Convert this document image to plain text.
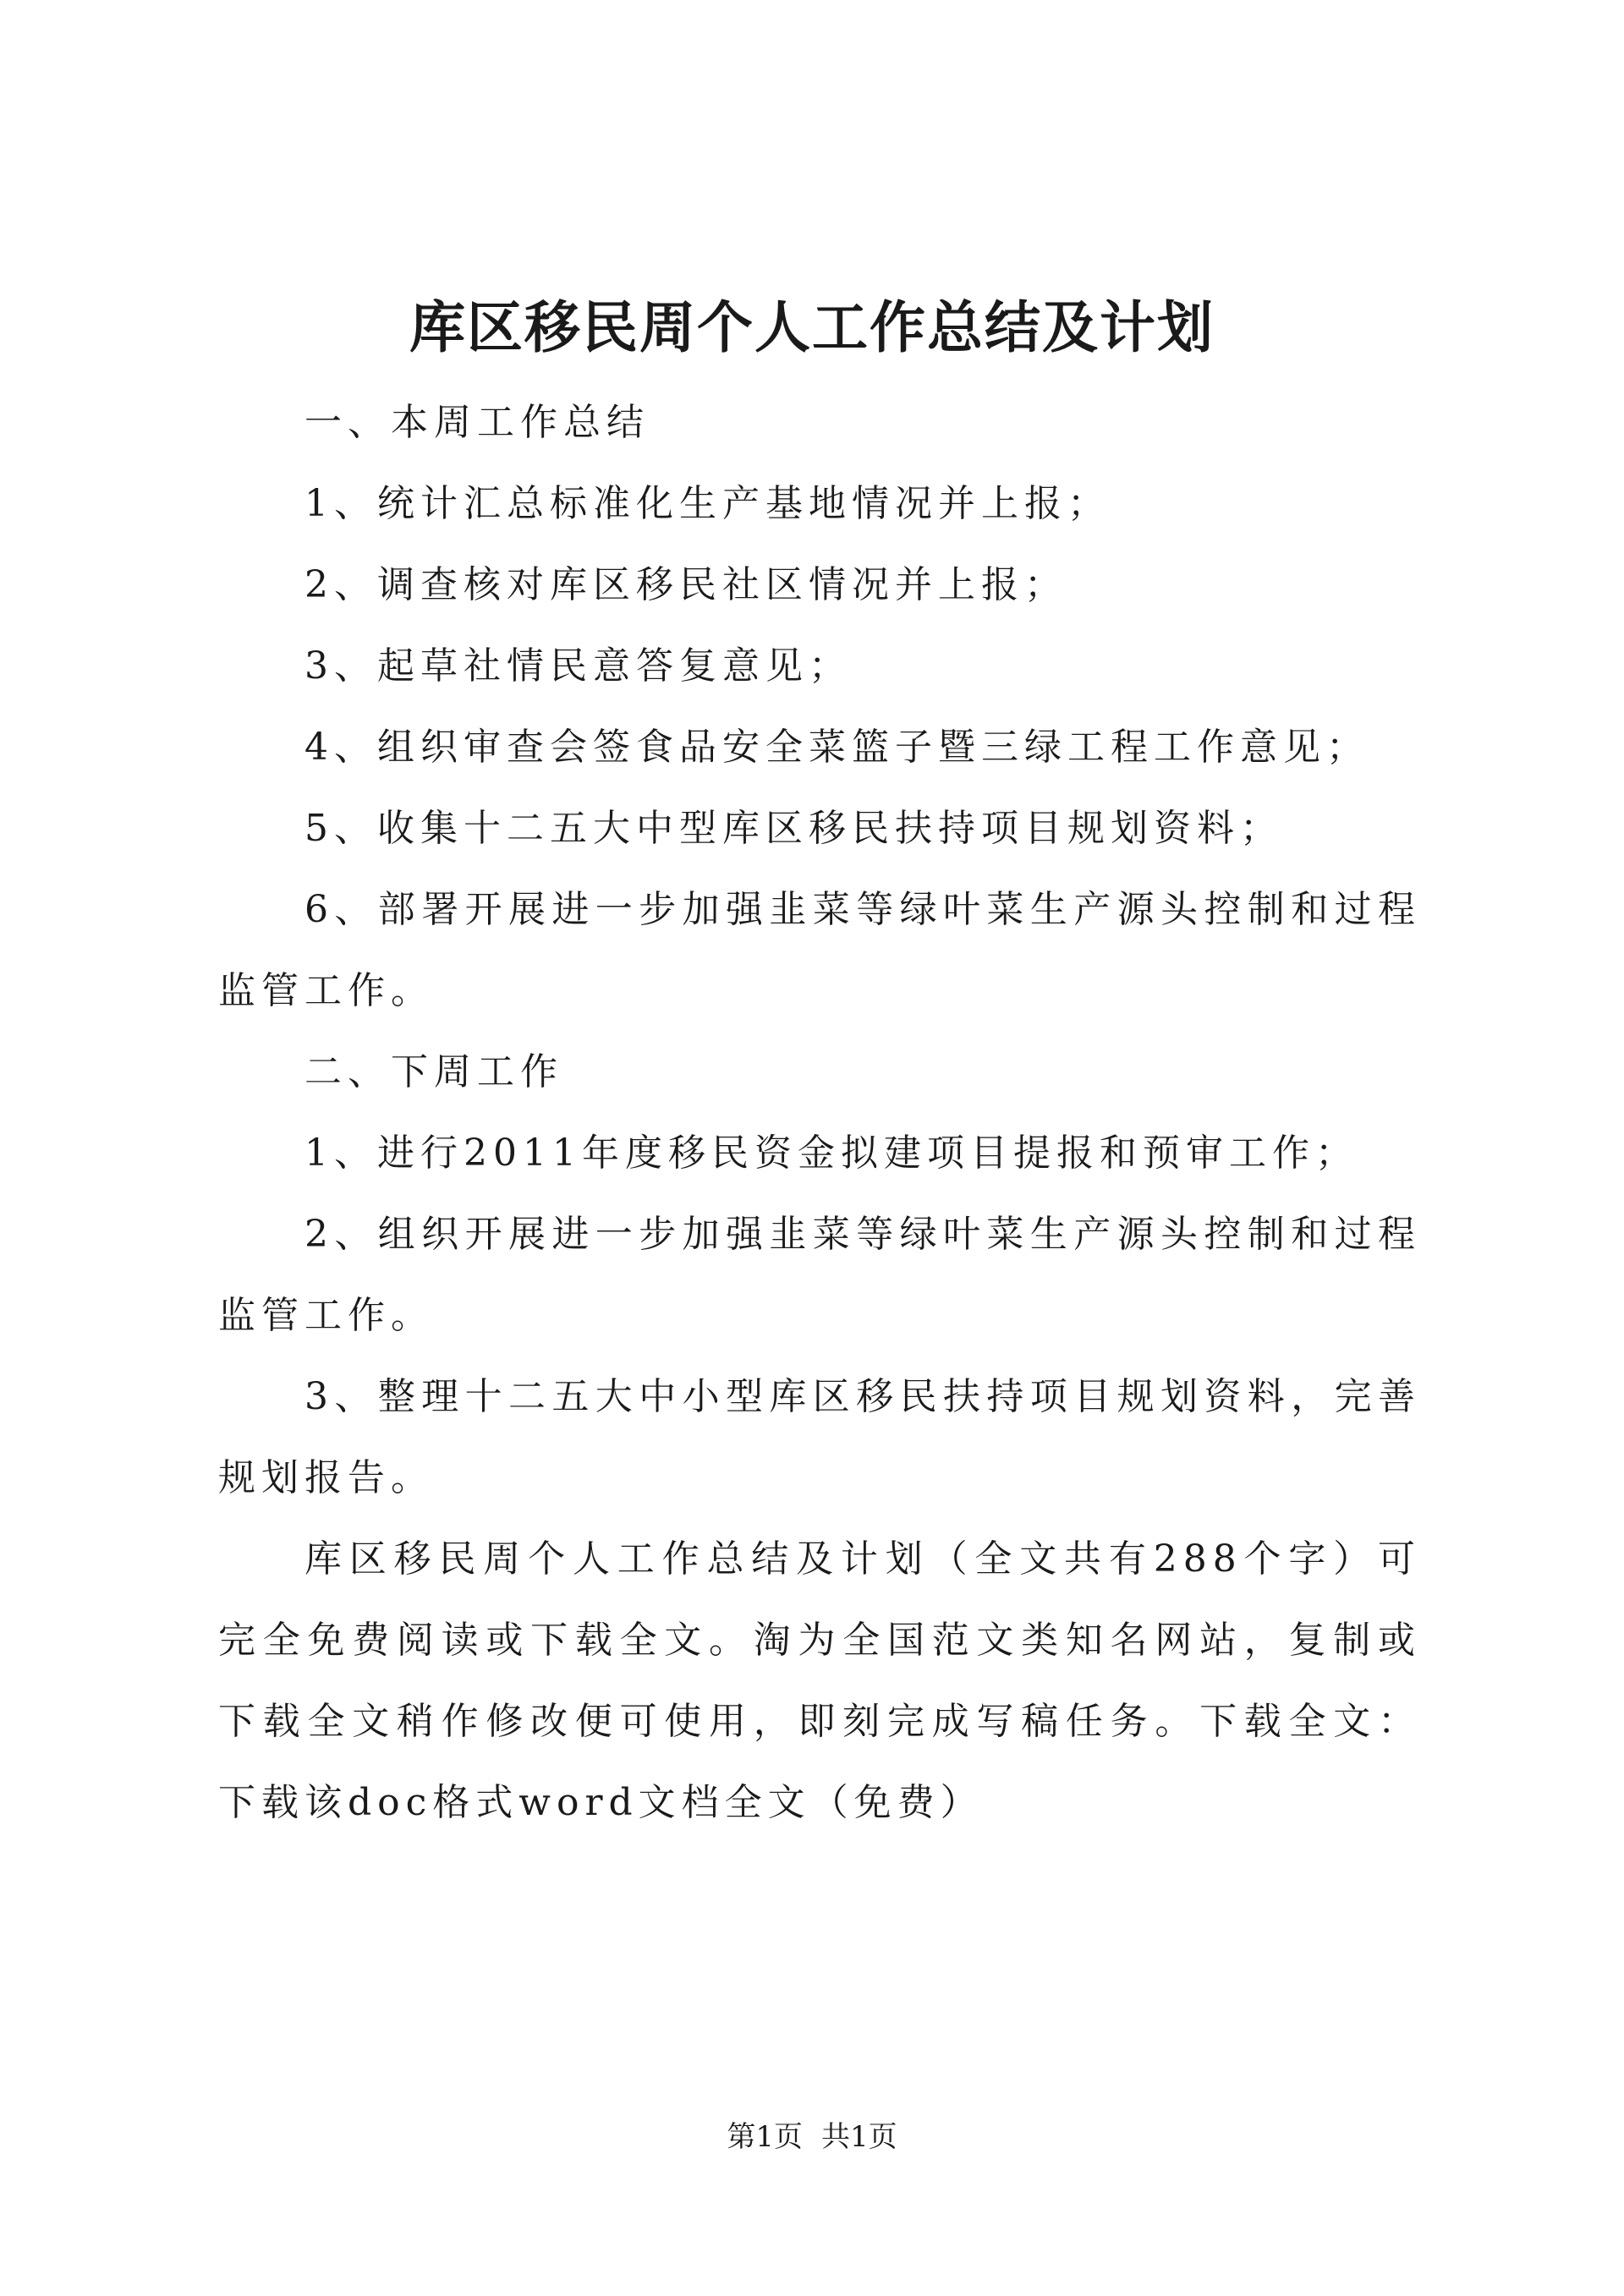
库区移民周个人工作总结及计划

一、本周工作总结

1、统计汇总标准化生产基地情况并上报；

2、调查核对库区移民社区情况并上报；

3、起草社情民意答复意见；

4、组织审查会签食品安全菜篮子暨三绿工程工作意见；

5、收集十二五大中型库区移民扶持项目规划资料；

6、部署开展进一步加强韭菜等绿叶菜生产源头控制和过程监管工作。

二、下周工作

1、进行2011年度移民资金拟建项目提报和预审工作；

2、组织开展进一步加强韭菜等绿叶菜生产源头控制和过程监管工作。

3、整理十二五大中小型库区移民扶持项目规划资料，完善规划报告。

库区移民周个人工作总结及计划（全文共有288个字）可完全免费阅读或下载全文。淘为全国范文类知名网站，复制或下载全文稍作修改便可使用，即刻完成写稿任务。下载全文：下载该doc格式word文档全文（免费）

第1页 共1页
